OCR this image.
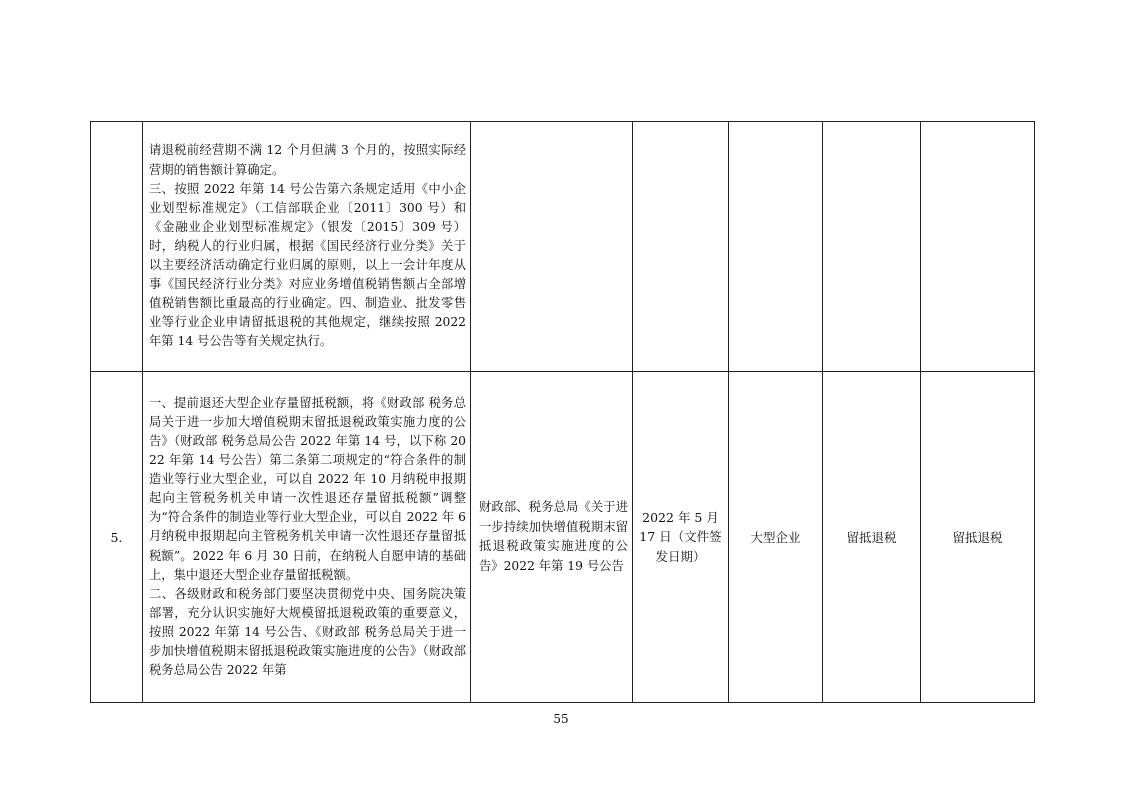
	请退税前经营期不满 12 个月但满 3 个月的，按照实际经营期的销售额计算确定。

三、按照 2022 年第 14 号公告第六条规定适用《中小企业划型标准规定》（工信部联企业〔2011〕300 号）和《金融业企业划型标准规定》（银发〔2015〕309 号）时，纳税人的行业归属，根据《国民经济行业分类》关于以主要经济活动确定行业归属的原则，以上一会计年度从事《国民经济行业分类》对应业务增值税销售额占全部增值税销售额比重最高的行业确定。四、制造业、批发零售业等行业企业申请留抵退税的其他规定，继续按照 2022 年第 14 号公告等有关规定执行。					

5.	一、提前退还大型企业存量留抵税额，将《财政部 税务总局关于进一步加大增值税期末留抵退税政策实施力度的公告》（财政部 税务总局公告 2022 年第 14 号，以下称 2022 年第 14 号公告）第二条第二项规定的“符合条件的制造业等行业大型企业，可以自 2022 年 10 月纳税申报期起向主管税务机关申请一次性退还存量留抵税额”调整为“符合条件的制造业等行业大型企业，可以自 2022 年 6 月纳税申报期起向主管税务机关申请一次性退还存量留抵税额”。2022 年 6 月 30 日前，在纳税人自愿申请的基础上，集中退还大型企业存量留抵税额。

二、各级财政和税务部门要坚决贯彻党中央、国务院决策部署，充分认识实施好大规模留抵退税政策的重要意义，按照 2022 年第 14 号公告、《财政部 税务总局关于进一步加快增值税期末留抵退税政策实施进度的公告》（财政部 税务总局公告 2022 年第	财政部、税务总局《关于进一步持续加快增值税期末留抵退税政策实施进度的公告》2022 年第 19 号公告	2022 年 5 月 17 日（文件签发日期）	大型企业	留抵退税	留抵退税
55
